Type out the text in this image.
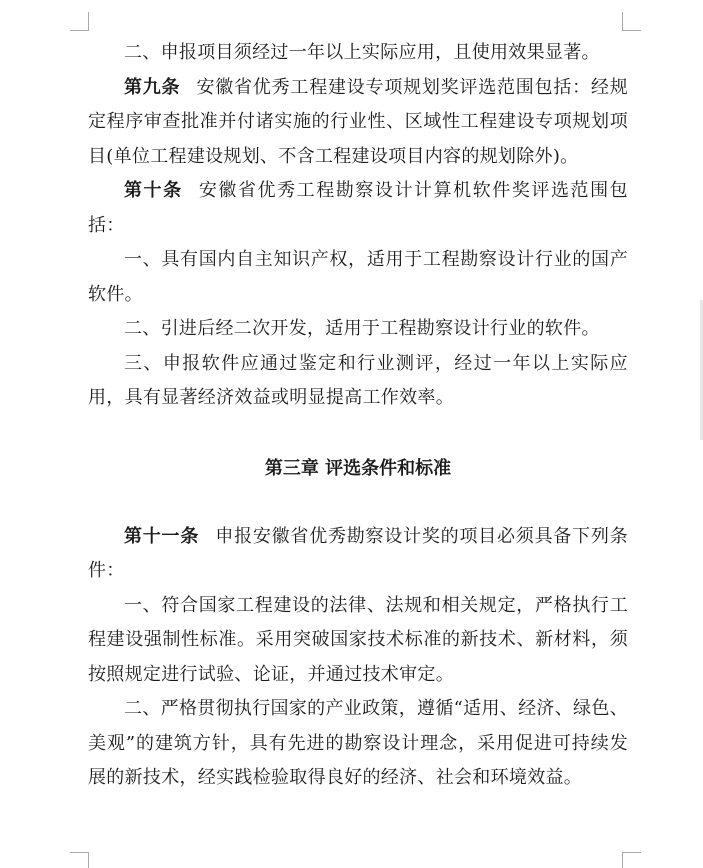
二、申报项目须经过一年以上实际应用，且使用效果显著。

第九条 安徽省优秀工程建设专项规划奖评选范围包括：经规定程序审查批准并付诸实施的行业性、区域性工程建设专项规划项目(单位工程建设规划、不含工程建设项目内容的规划除外)。

第十条 安徽省优秀工程勘察设计计算机软件奖评选范围包括：

一、具有国内自主知识产权，适用于工程勘察设计行业的国产软件。

二、引进后经二次开发，适用于工程勘察设计行业的软件。

三、申报软件应通过鉴定和行业测评，经过一年以上实际应用，具有显著经济效益或明显提高工作效率。

第三章 评选条件和标准

第十一条 申报安徽省优秀勘察设计奖的项目必须具备下列条件：

一、符合国家工程建设的法律、法规和相关规定，严格执行工程建设强制性标准。采用突破国家技术标准的新技术、新材料，须按照规定进行试验、论证，并通过技术审定。

二、严格贯彻执行国家的产业政策，遵循“适用、经济、绿色、美观”的建筑方针，具有先进的勘察设计理念，采用促进可持续发展的新技术，经实践检验取得良好的经济、社会和环境效益。
